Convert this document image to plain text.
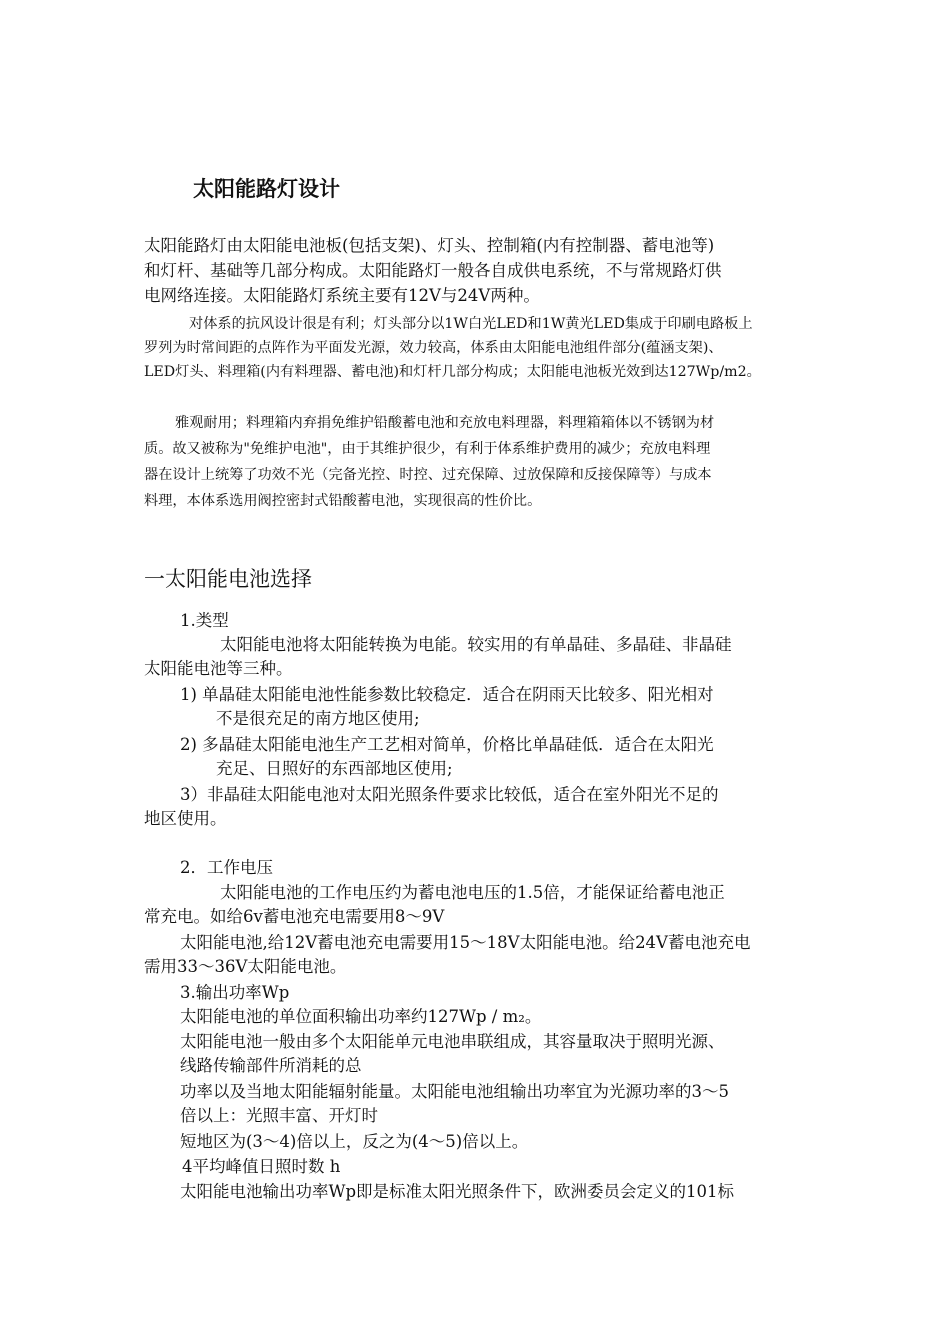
太阳能路灯设计
太阳能路灯由太阳能电池板(包括支架)、灯头、控制箱(内有控制器、蓄电池等)
和灯杆、基础等几部分构成。太阳能路灯一般各自成供电系统，不与常规路灯供
电网络连接。太阳能路灯系统主要有12V与24V两种。
对体系的抗风设计很是有利；灯头部分以1W白光LED和1W黄光LED集成于印刷电路板上
罗列为时常间距的点阵作为平面发光源，效力较高，体系由太阳能电池组件部分(蕴涵支架)、
LED灯头、料理箱(内有料理器、蓄电池)和灯杆几部分构成；太阳能电池板光效到达127Wp/m2。
雅观耐用；料理箱内弃捐免维护铅酸蓄电池和充放电料理器，料理箱箱体以不锈钢为材
质。故又被称为"免维护电池"，由于其维护很少，有利于体系维护费用的减少；充放电料理
器在设计上统筹了功效不光（完备光控、时控、过充保障、过放保障和反接保障等）与成本
料理，本体系选用阀控密封式铅酸蓄电池，实现很高的性价比。
一太阳能电池选择
1.类型
太阳能电池将太阳能转换为电能。较实用的有单晶硅、多晶硅、非晶硅
太阳能电池等三种。
1) 单晶硅太阳能电池性能参数比较稳定．适合在阴雨天比较多、阳光相对
不是很充足的南方地区使用;
2) 多晶硅太阳能电池生产工艺相对简单，价格比单晶硅低．适合在太阳光
充足、日照好的东西部地区使用;
3）非晶硅太阳能电池对太阳光照条件要求比较低，适合在室外阳光不足的
地区使用。
2．工作电压
太阳能电池的工作电压约为蓄电池电压的1.5倍，才能保证给蓄电池正
常充电。如给6v蓄电池充电需要用8～9V
太阳能电池,给12V蓄电池充电需要用15～18V太阳能电池。给24V蓄电池充电
需用33～36V太阳能电池。
3.输出功率Wp
太阳能电池的单位面积输出功率约127Wp / m₂。
太阳能电池一般由多个太阳能单元电池串联组成，其容量取决于照明光源、
线路传输部件所消耗的总
功率以及当地太阳能辐射能量。太阳能电池组输出功率宜为光源功率的3～5
倍以上：光照丰富、开灯时
短地区为(3～4)倍以上，反之为(4～5)倍以上。
4平均峰值日照时数 h
太阳能电池输出功率Wp即是标准太阳光照条件下，欧洲委员会定义的101标
